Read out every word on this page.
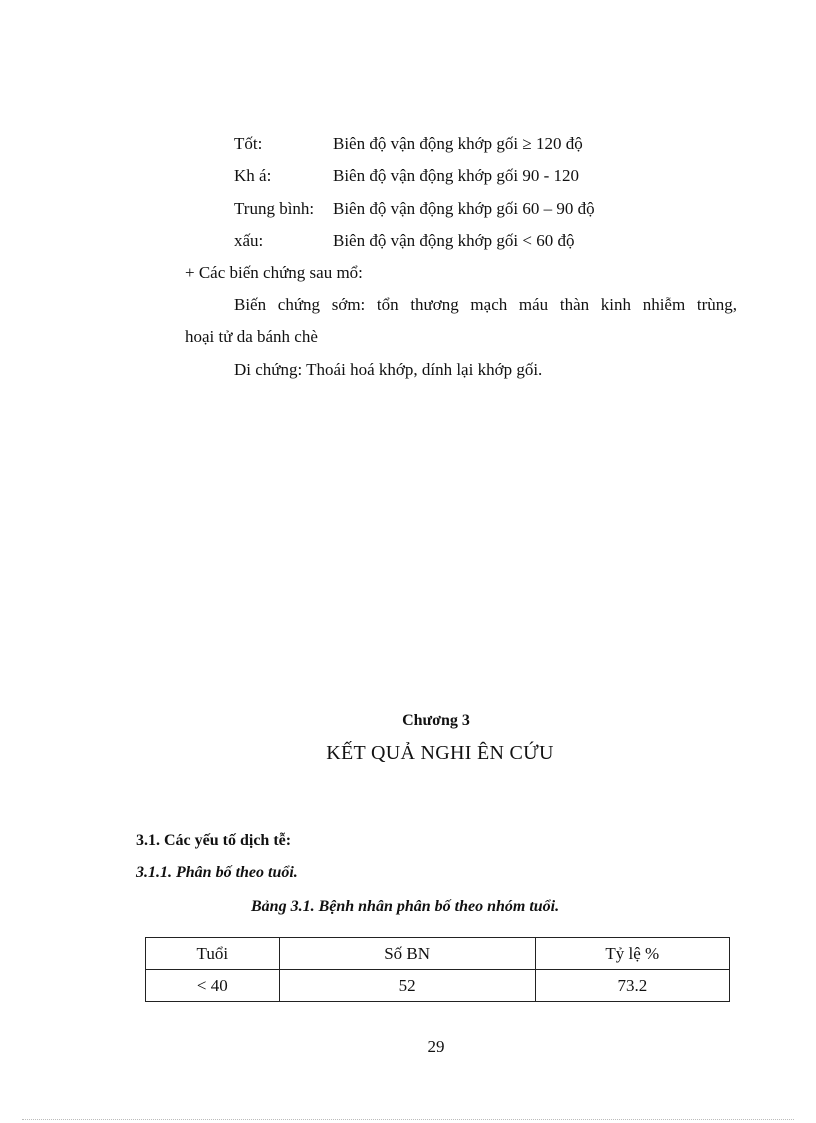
Tốt:	Biên độ vận động khớp gối ≥ 120 độ
Kh á:	Biên độ vận động khớp gối 90 - 120
Trung bình: Biên độ vận động khớp gối 60 – 90 độ
xấu:	Biên độ vận động khớp gối < 60 độ
+ Các biến chứng sau mổ:
Biến chứng sớm: tổn thương mạch máu thàn kinh nhiễm trùng,
hoại tử da bánh chè
Di chứng: Thoái hoá khớp, dính lại khớp gối.
Chương 3
KẾT QUẢ NGHI ÊN CỨU
3.1. Các yếu tố dịch tễ:
3.1.1. Phân bố theo tuổi.
Bảng 3.1. Bệnh nhân phân bố theo nhóm tuổi.
Tuổi	Số BN	Tỷ lệ %
< 40	52	73.2
29
